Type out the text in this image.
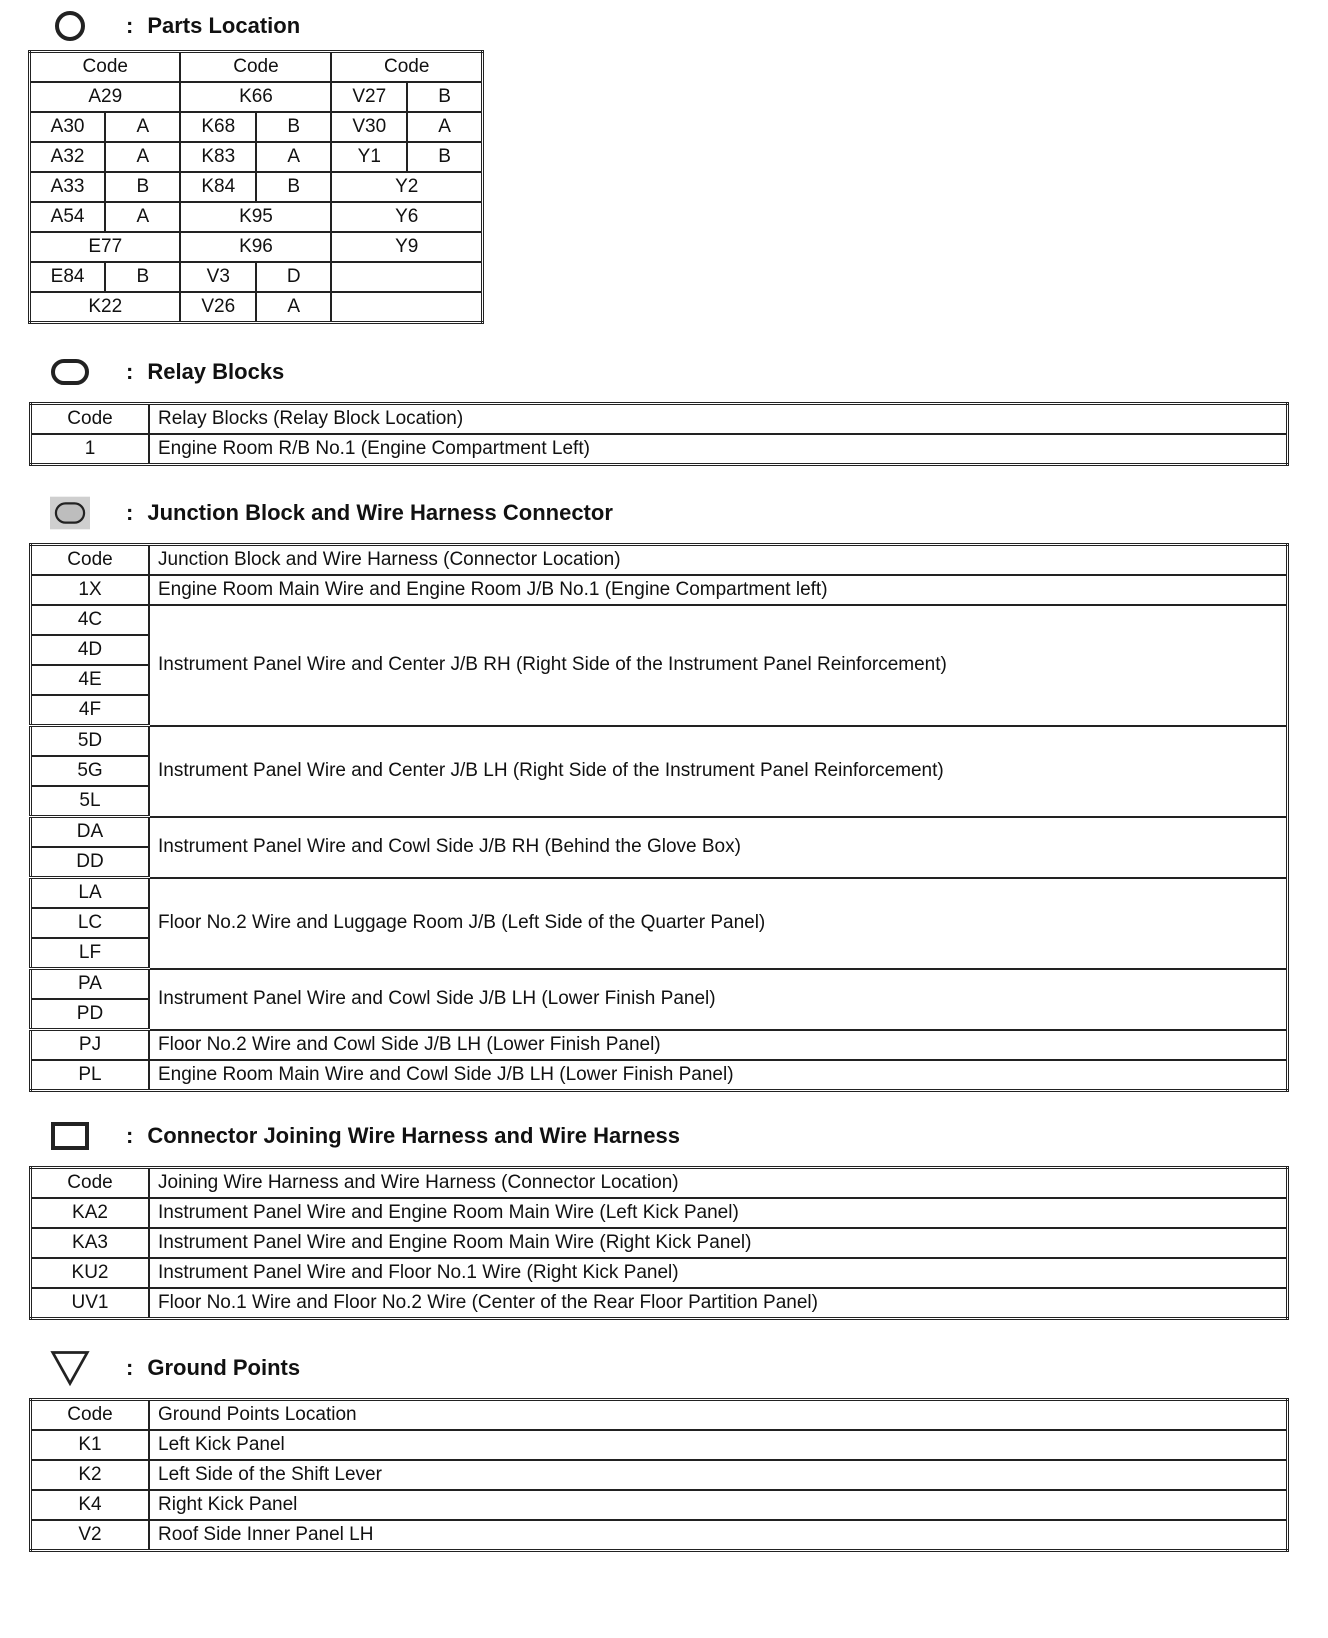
: Parts Location
Code		Code		Code	
A29		K66		V27	B
A30	A	K68	B	V30	A
A32	A	K83	A	Y1	B
A33	B	K84	B	Y2	
A54	A	K95		Y6	
E77		K96		Y9	
E84	B	V3	D		
K22		V26	A		
: Relay Blocks
Code	Relay Blocks (Relay Block Location)
1	Engine Room R/B No.1 (Engine Compartment Left)
: Junction Block and Wire Harness Connector
Code	Junction Block and Wire Harness (Connector Location)
1X	Engine Room Main Wire and Engine Room J/B No.1 (Engine Compartment left)
4C	Instrument Panel Wire and Center J/B RH (Right Side of the Instrument Panel Reinforcement)
4D	
4E	
4F	
5D	Instrument Panel Wire and Center J/B LH (Right Side of the Instrument Panel Reinforcement)
5G	
5L	
DA	Instrument Panel Wire and Cowl Side J/B RH (Behind the Glove Box)
DD	
LA	Floor No.2 Wire and Luggage Room J/B (Left Side of the Quarter Panel)
LC	
LF	
PA	Instrument Panel Wire and Cowl Side J/B LH (Lower Finish Panel)
PD	
PJ	Floor No.2 Wire and Cowl Side J/B LH (Lower Finish Panel)
PL	Engine Room Main Wire and Cowl Side J/B LH (Lower Finish Panel)
: Connector Joining Wire Harness and Wire Harness
Code	Joining Wire Harness and Wire Harness (Connector Location)
KA2	Instrument Panel Wire and Engine Room Main Wire (Left Kick Panel)
KA3	Instrument Panel Wire and Engine Room Main Wire (Right Kick Panel)
KU2	Instrument Panel Wire and Floor No.1 Wire (Right Kick Panel)
UV1	Floor No.1 Wire and Floor No.2 Wire (Center of the Rear Floor Partition Panel)
: Ground Points
Code	Ground Points Location
K1	Left Kick Panel
K2	Left Side of the Shift Lever
K4	Right Kick Panel
V2	Roof Side Inner Panel LH
